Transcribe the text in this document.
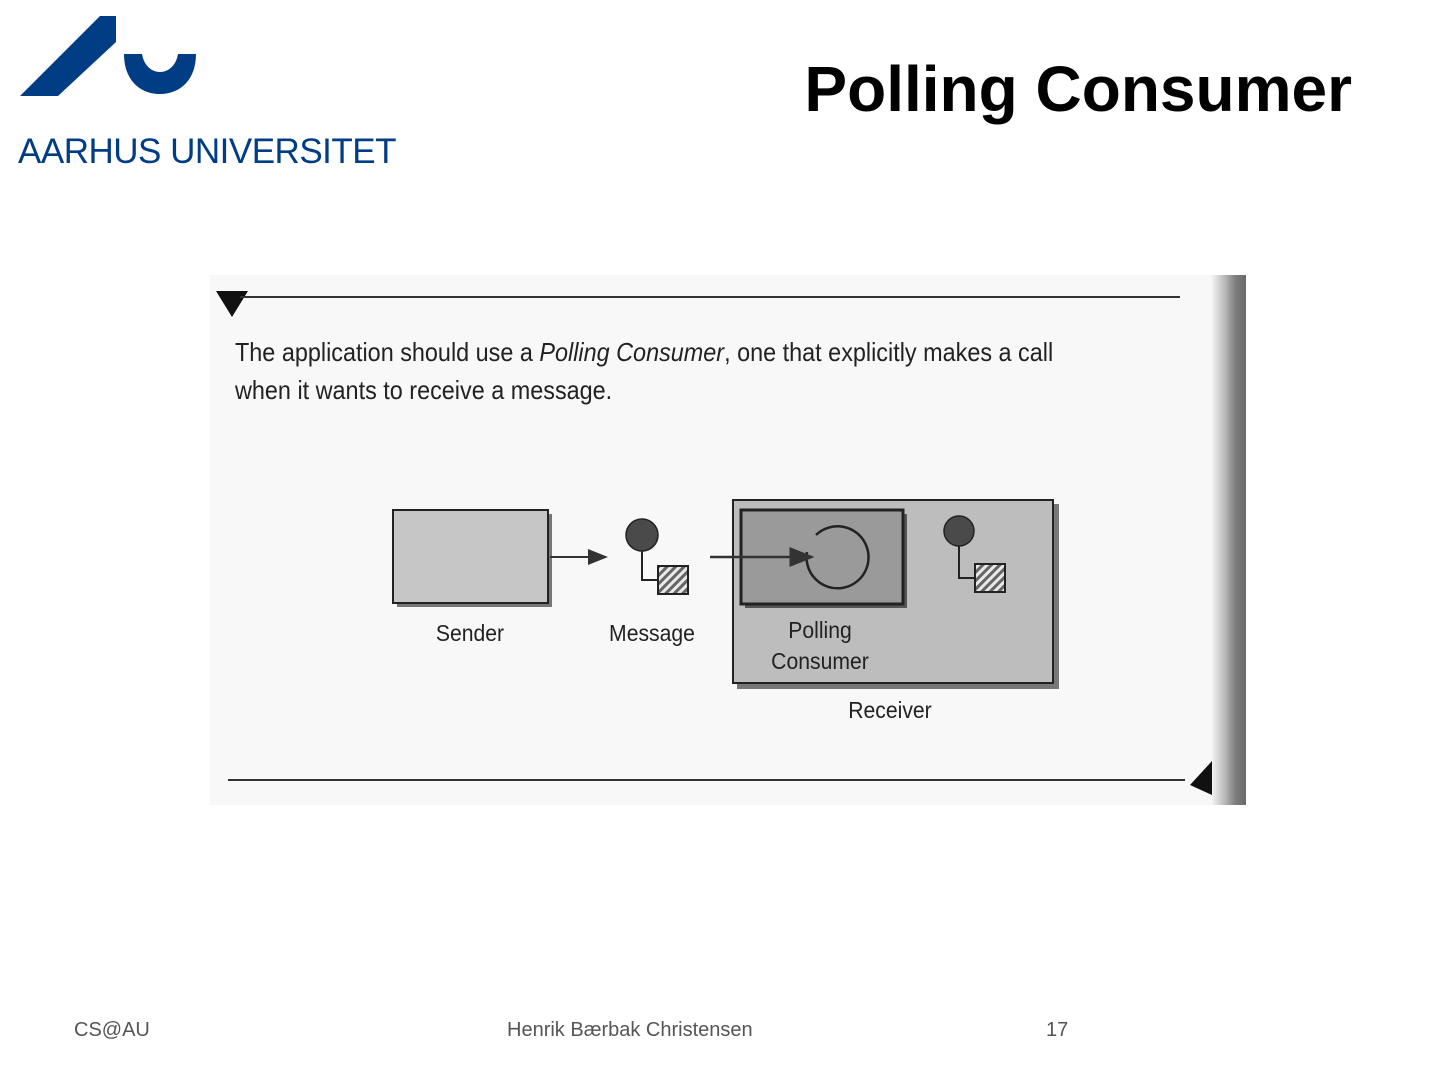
AARHUS UNIVERSITET
Polling Consumer
The application should use a Polling Consumer, one that explicitly makes a call
when it wants to receive a message.
Sender	Message	Polling
Consumer
Receiver
CS@AU	Henrik Bærbak Christensen	17
